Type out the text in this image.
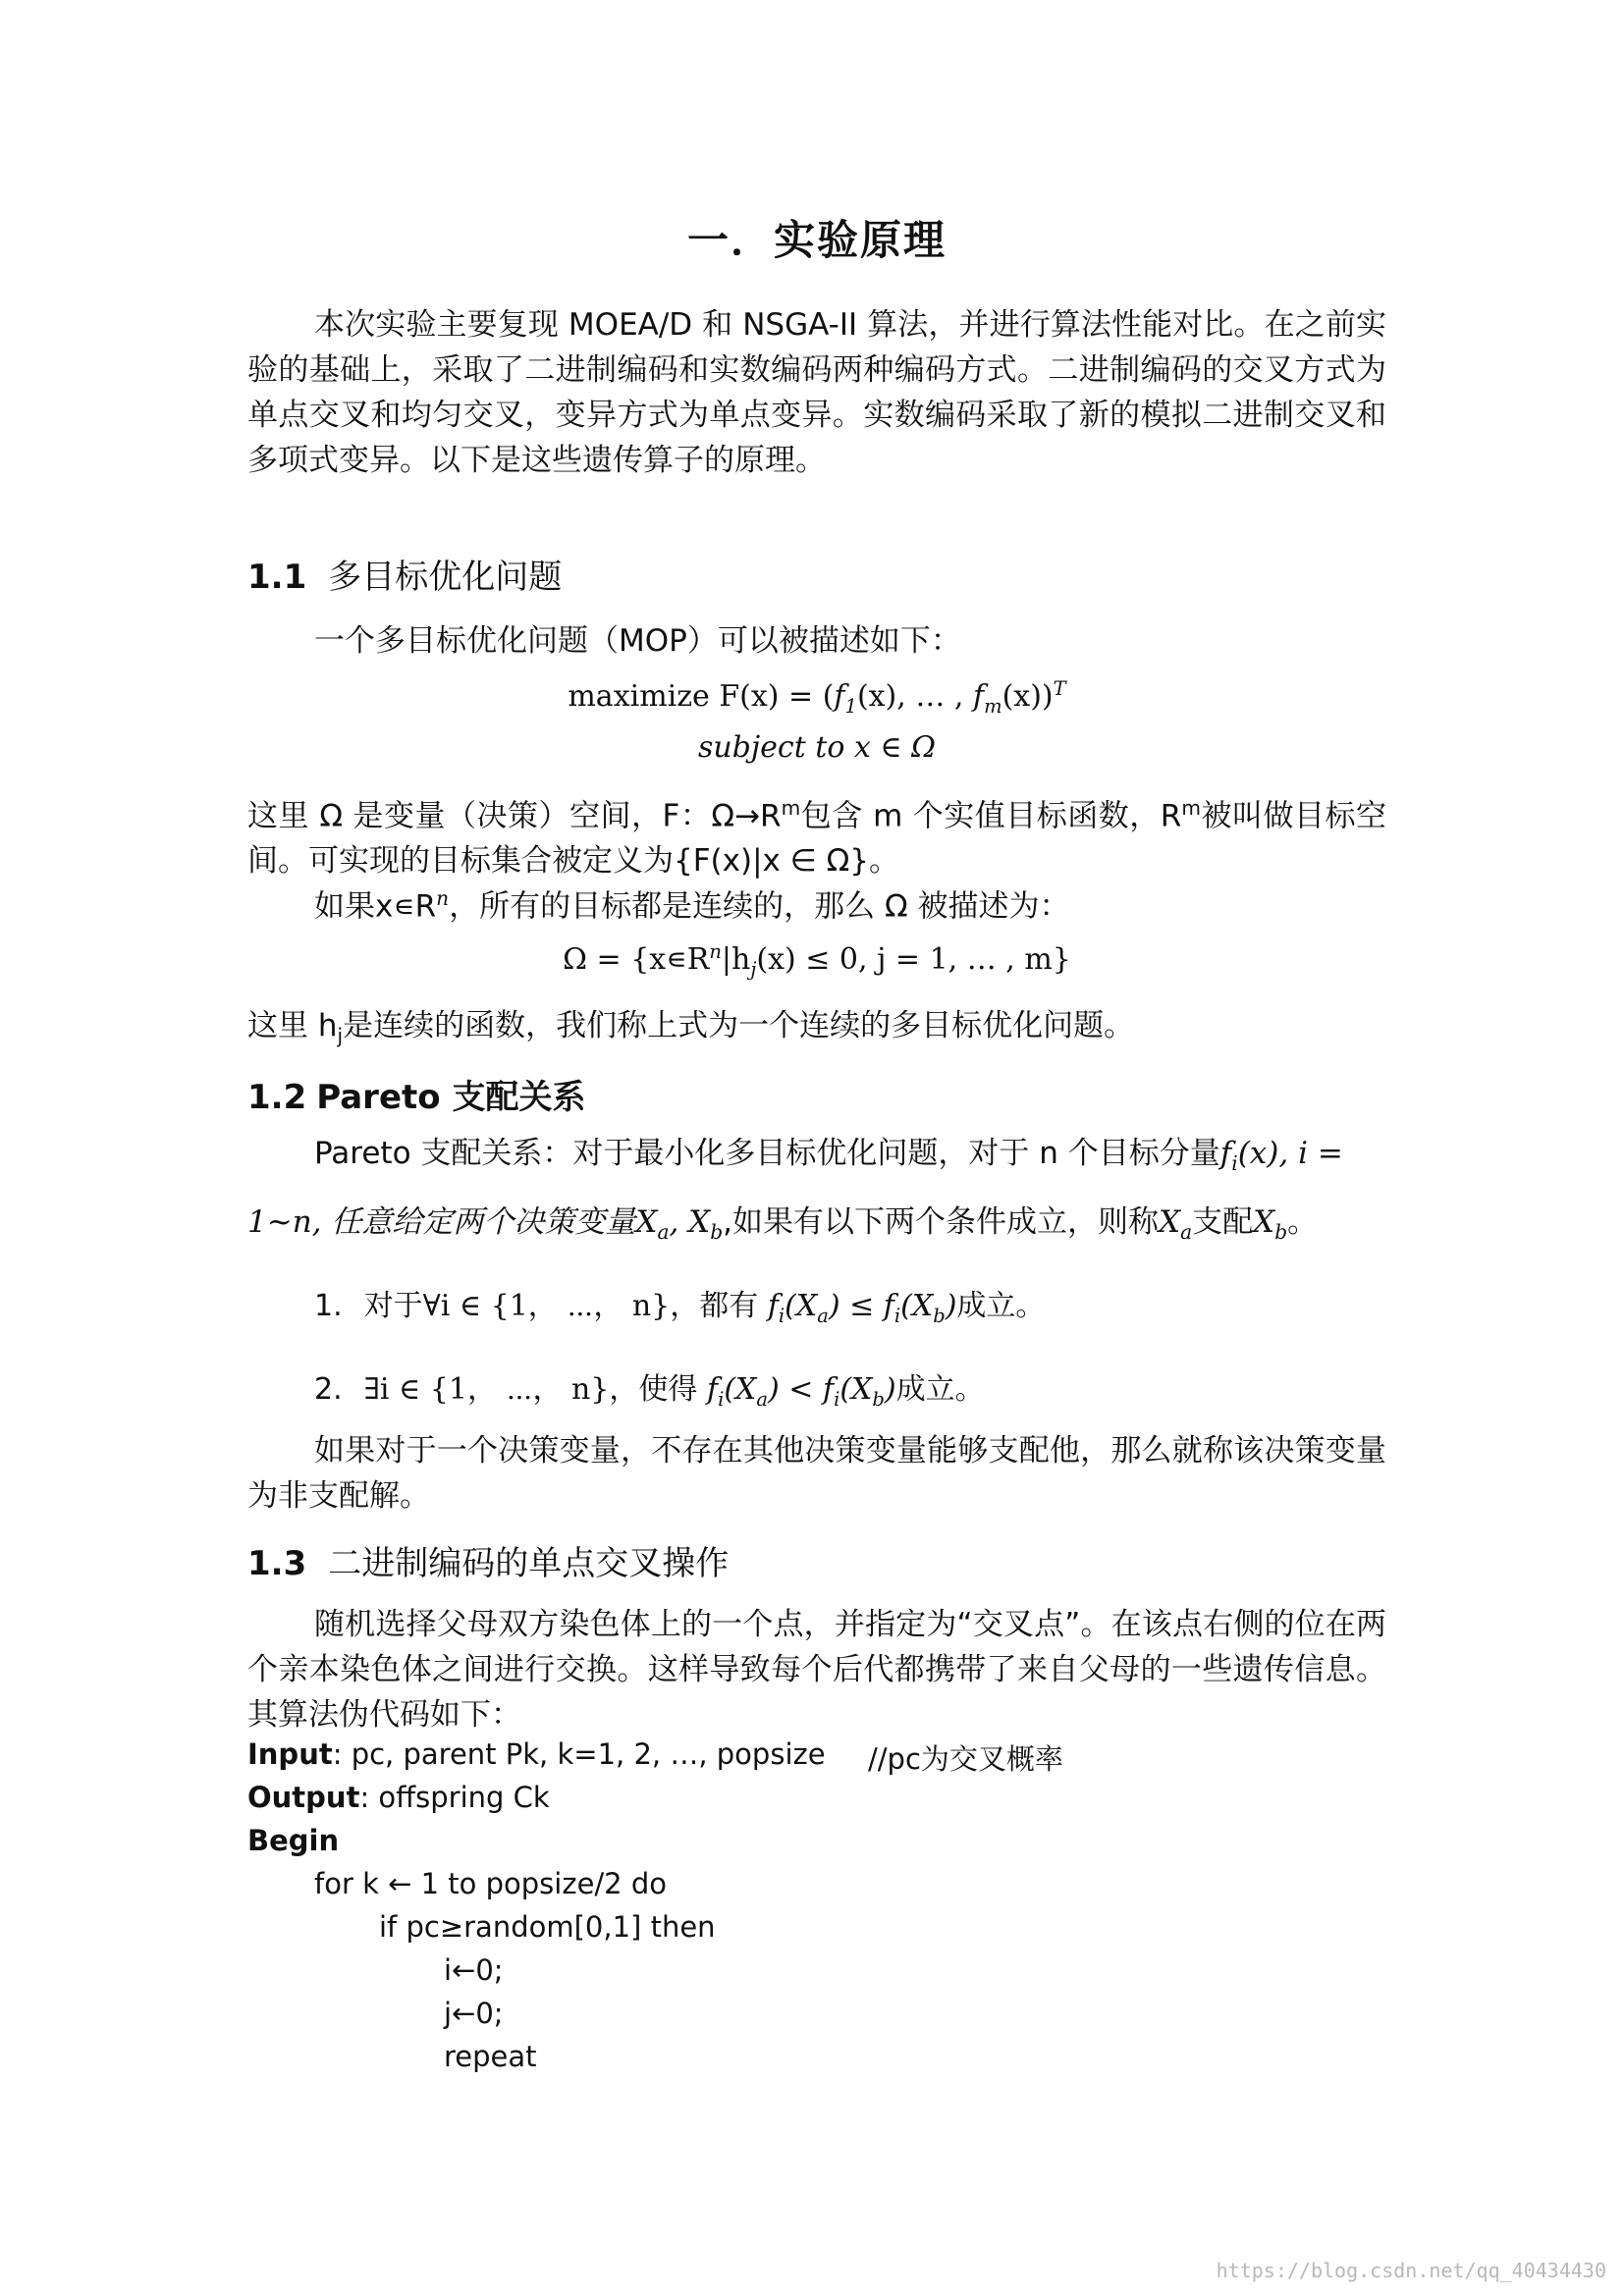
一．实验原理
本次实验主要复现 MOEA/D 和 NSGA-II 算法，并进行算法性能对比。在之前实验的基础上，采取了二进制编码和实数编码两种编码方式。二进制编码的交叉方式为单点交叉和均匀交叉，变异方式为单点变异。实数编码采取了新的模拟二进制交叉和多项式变异。以下是这些遗传算子的原理。
1.1 多目标优化问题
一个多目标优化问题（MOP）可以被描述如下：
maximize $F(x) = (f_1(x)$, … , $f_m(x))^T$
subject to x ∈ Ω
这里 Ω 是变量（决策）空间，F：$\Omega\to R^m$包含 m 个实值目标函数，$R^m$被叫做目标空间。可实现的目标集合被定义为{F(x)|x ∈ Ω}。
如果$x∊R^n$，所有的目标都是连续的，那么 Ω 被描述为：
$\Omega = \{x∊R^n|h_j(x) \le 0$, j = 1, … , m}
这里 $h_j$是连续的函数，我们称上式为一个连续的多目标优化问题。
1.2 Pareto 支配关系
Pareto 支配关系：对于最小化多目标优化问题，对于 n 个目标分量$f_i(x)$, i =
1~n, 任意给定两个决策变量$X_a$, $X_b$,如果有以下两个条件成立，则称$X_a$支配$X_b$。
1. 对于∀i ∈ {1， ⋯， n}，都有 $f_i(X_a) \le f_i(X_b)$成立。
2. ∃i ∈ {1， ⋯， n}，使得 $f_i(X_a) < f_i(X_b)$成立。
如果对于一个决策变量，不存在其他决策变量能够支配他，那么就称该决策变量为非支配解。
1.3 二进制编码的单点交叉操作
随机选择父母双方染色体上的一个点，并指定为“交叉点”。在该点右侧的位在两个亲本染色体之间进行交换。这样导致每个后代都携带了来自父母的一些遗传信息。其算法伪代码如下：
Input: pc, parent Pk, k=1, 2, …, popsize //pc为交叉概率
Output: offspring Ck
Begin
for k ← 1 to popsize/2 do
if pc≥random[0,1] then
i←0;
j←0;
repeat
https://blog.csdn.net/qq_40434430
